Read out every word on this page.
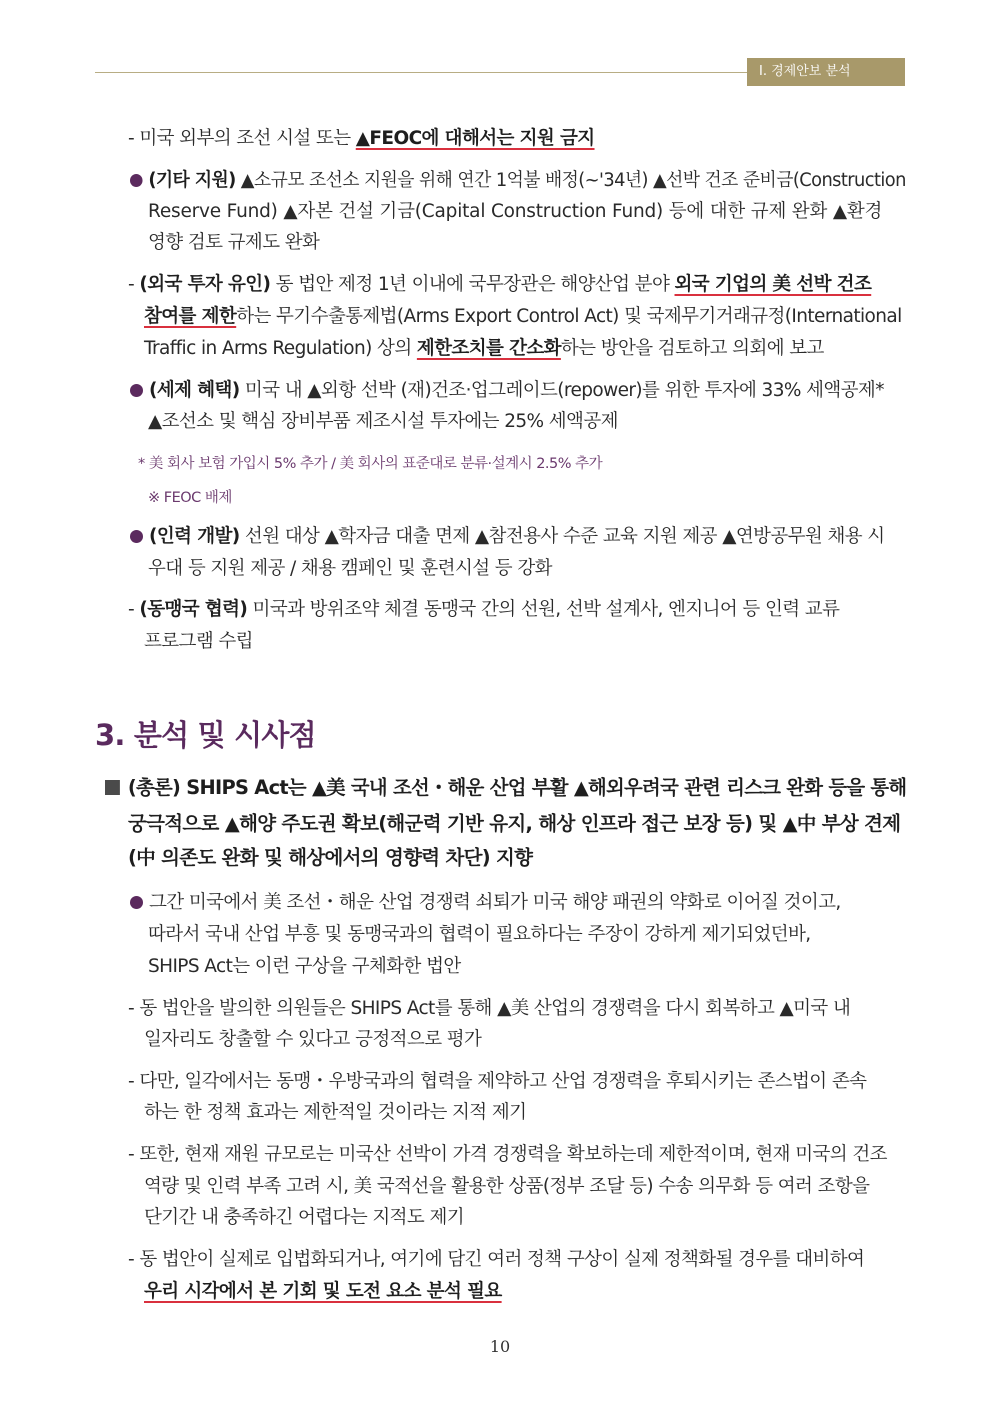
Ⅰ. 경제안보 분석
- 미국 외부의 조선 시설 또는 ▲FEOC에 대해서는 지원 금지
(기타 지원) ▲소규모 조선소 지원을 위해 연간 1억불 배정(~'34년) ▲선박 건조 준비금(Construction
Reserve Fund) ▲자본 건설 기금(Capital Construction Fund) 등에 대한 규제 완화 ▲환경
영향 검토 규제도 완화
- (외국 투자 유인) 동 법안 제정 1년 이내에 국무장관은 해양산업 분야 외국 기업의 美 선박 건조
참여를 제한하는 무기수출통제법(Arms Export Control Act) 및 국제무기거래규정(International
Traffic in Arms Regulation) 상의 제한조치를 간소화하는 방안을 검토하고 의회에 보고
(세제 혜택) 미국 내 ▲외항 선박 (재)건조·업그레이드(repower)를 위한 투자에 33% 세액공제*
▲조선소 및 핵심 장비부품 제조시설 투자에는 25% 세액공제
* 美 회사 보험 가입시 5% 추가 / 美 회사의 표준대로 분류·설계시 2.5% 추가
※ FEOC 배제
(인력 개발) 선원 대상 ▲학자금 대출 면제 ▲참전용사 수준 교육 지원 제공 ▲연방공무원 채용 시
우대 등 지원 제공 / 채용 캠페인 및 훈련시설 등 강화
- (동맹국 협력) 미국과 방위조약 체결 동맹국 간의 선원, 선박 설계사, 엔지니어 등 인력 교류
프로그램 수립
3. 분석 및 시사점
(총론) SHIPS Act는 ▲美 국내 조선・해운 산업 부활 ▲해외우려국 관련 리스크 완화 등을 통해
궁극적으로 ▲해양 주도권 확보(해군력 기반 유지, 해상 인프라 접근 보장 등) 및 ▲中 부상 견제
(中 의존도 완화 및 해상에서의 영향력 차단) 지향
그간 미국에서 美 조선・해운 산업 경쟁력 쇠퇴가 미국 해양 패권의 약화로 이어질 것이고,
따라서 국내 산업 부흥 및 동맹국과의 협력이 필요하다는 주장이 강하게 제기되었던바,
SHIPS Act는 이런 구상을 구체화한 법안
- 동 법안을 발의한 의원들은 SHIPS Act를 통해 ▲美 산업의 경쟁력을 다시 회복하고 ▲미국 내
일자리도 창출할 수 있다고 긍정적으로 평가
- 다만, 일각에서는 동맹・우방국과의 협력을 제약하고 산업 경쟁력을 후퇴시키는 존스법이 존속
하는 한 정책 효과는 제한적일 것이라는 지적 제기
- 또한, 현재 재원 규모로는 미국산 선박이 가격 경쟁력을 확보하는데 제한적이며, 현재 미국의 건조
역량 및 인력 부족 고려 시, 美 국적선을 활용한 상품(정부 조달 등) 수송 의무화 등 여러 조항을
단기간 내 충족하긴 어렵다는 지적도 제기
- 동 법안이 실제로 입법화되거나, 여기에 담긴 여러 정책 구상이 실제 정책화될 경우를 대비하여
우리 시각에서 본 기회 및 도전 요소 분석 필요
10
